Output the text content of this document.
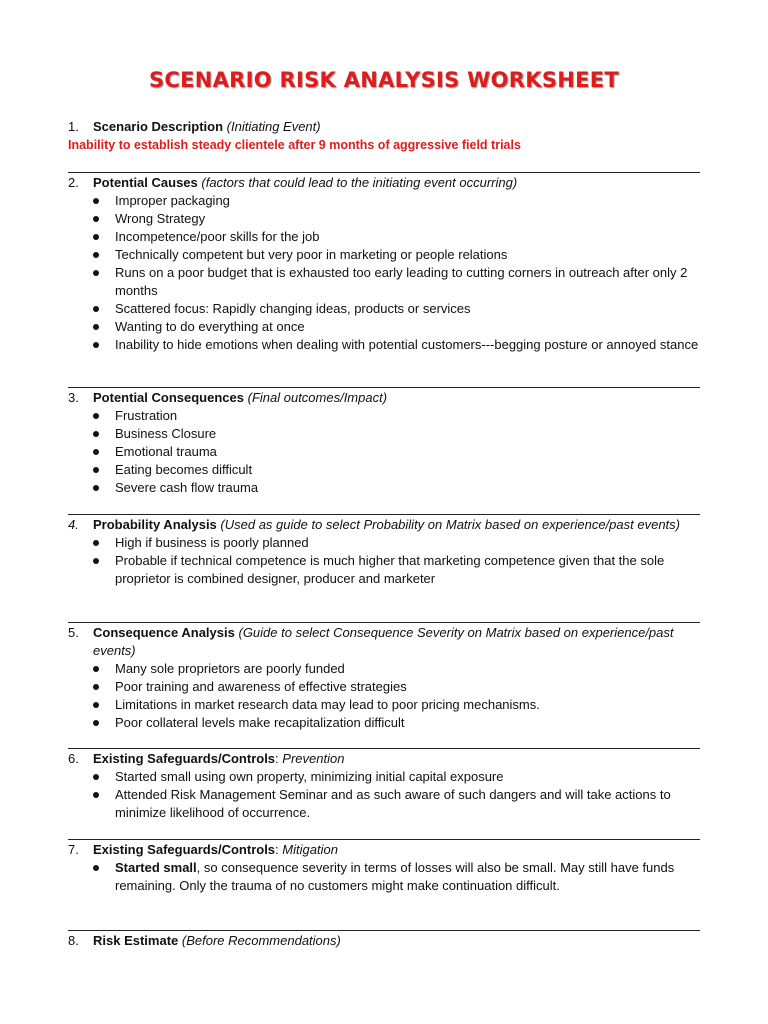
SCENARIO RISK ANALYSIS WORKSHEET
1. Scenario Description (Initiating Event)
Inability to establish steady clientele after 9 months of aggressive field trials
2. Potential Causes (factors that could lead to the initiating event occurring)
Improper packaging
Wrong Strategy
Incompetence/poor skills for the job
Technically competent but very poor in marketing or people relations
Runs on a poor budget that is exhausted too early leading to cutting corners in outreach after only 2 months
Scattered focus: Rapidly changing ideas, products or services
Wanting to do everything at once
Inability to hide emotions when dealing with potential customers---begging posture or annoyed stance
3. Potential Consequences (Final outcomes/Impact)
Frustration
Business Closure
Emotional trauma
Eating becomes difficult
Severe cash flow trauma
4. Probability Analysis (Used as guide to select Probability on Matrix based on experience/past events)
High if business is poorly planned
Probable if technical competence is much higher that marketing competence given that the sole proprietor is combined designer, producer and marketer
5. Consequence Analysis (Guide to select Consequence Severity on Matrix based on experience/past events)
Many sole proprietors are poorly funded
Poor training and awareness of effective strategies
Limitations in market research data may lead to poor pricing mechanisms.
Poor collateral levels make recapitalization difficult
6. Existing Safeguards/Controls: Prevention
Started small using own property, minimizing initial capital exposure
Attended Risk Management Seminar and as such aware of such dangers and will take actions to minimize likelihood of occurrence.
7. Existing Safeguards/Controls: Mitigation
Started small, so consequence severity in terms of losses will also be small. May still have funds remaining. Only the trauma of no customers might make continuation difficult.
8. Risk Estimate (Before Recommendations)
